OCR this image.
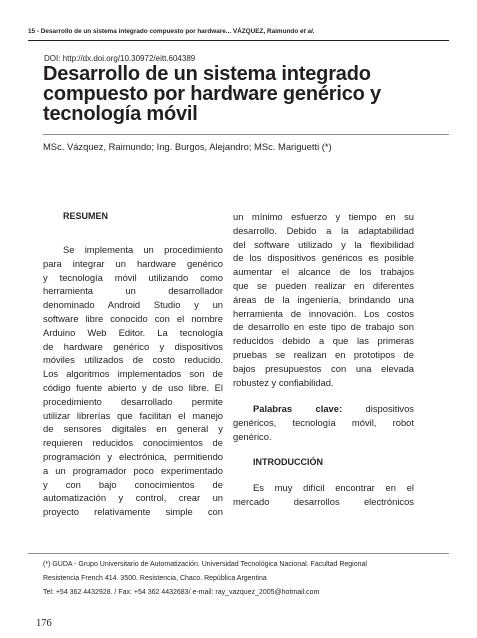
15 - Desarrollo de un sistema integrado compuesto por hardware... VÁZQUEZ, Raimundo et al.
DOI: http://dx.doi.org/10.30972/eitt.604389
Desarrollo de un sistema integrado
compuesto por hardware genérico y
tecnología móvil
MSc. Vázquez, Raimundo; Ing. Burgos, Alejandro; MSc. Mariguetti (*)
RESUMEN
Se implementa un procedimiento
para integrar un hardware genérico
y tecnología móvil utilizando como
herramienta un desarrollador
denominado Android Studio y un
software libre conocido con el nombre
Arduino Web Editor. La tecnología
de hardware genérico y dispositivos
móviles utilizados de costo reducido.
Los algoritmos implementados son de
código fuente abierto y de uso libre. El
procedimiento desarrollado permite
utilizar librerías que facilitan el manejo
de sensores digitales en general y
requieren reducidos conocimientos de
programación y electrónica, permitiendo
a un programador poco experimentado
y con bajo conocimientos de
automatización y control, crear un
proyecto relativamente simple con
un mínimo esfuerzo y tiempo en su
desarrollo. Debido a la adaptabilidad
del software utilizado y la flexibilidad
de los dispositivos genéricos es posible
aumentar el alcance de los trabajos
que se pueden realizar en diferentes
áreas de la ingeniería, brindando una
herramienta de innovación. Los costos
de desarrollo en este tipo de trabajo son
reducidos debido a que las primeras
pruebas se realizan en prototipos de
bajos presupuestos con una elevada
robustez y confiabilidad.
Palabras clave: dispositivos
genéricos, tecnología móvil, robot
genérico.
INTRODUCCIÓN
Es muy difícil encontrar en el
mercado desarrollos electrónicos
(*) GUDA - Grupo Universitario de Automatización. Universidad Tecnológica Nacional. Facultad Regional
Resistencia French 414. 3500. Resistencia, Chaco. República Argentina
Tel: +54 362 4432928. / Fax: +54 362 4432683/ e-mail: ray_vazquez_2005@hotmail.com
176
